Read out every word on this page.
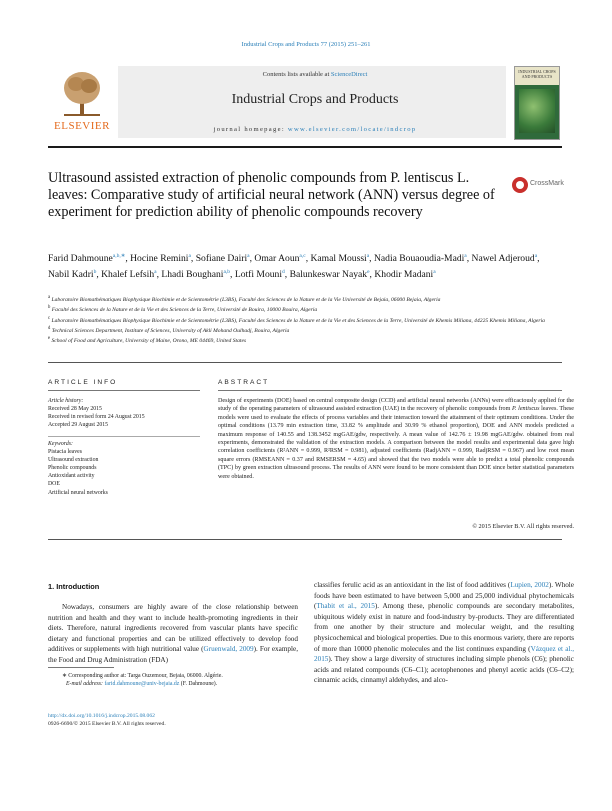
Industrial Crops and Products 77 (2015) 251–261
ELSEVIER
Contents lists available at ScienceDirect
Industrial Crops and Products
journal homepage: www.elsevier.com/locate/indcrop
INDUSTRIAL CROPS AND PRODUCTS
Ultrasound assisted extraction of phenolic compounds from P. lentiscus L. leaves: Comparative study of artificial neural network (ANN) versus degree of experiment for prediction ability of phenolic compounds recovery
CrossMark
Farid Dahmoune$^{a,b,∗}$, Hocine Remini$^a$, Sofiane Dairi$^a$, Omar Aoun$^{a,c}$, Kamal Moussi$^a$, Nadia Bouaoudia-Madi$^a$, Nawel Adjeroud$^a$, Nabil Kadri$^b$, Khalef Lefsih$^a$, Lhadi Boughani$^{a,b}$, Lotfi Mouni$^d$, Balunkeswar Nayak$^e$, Khodir Madani$^a$
$^a$ Laboratoire Biomathématiques Biophysique Biochimie et de Scientométrie (L3BS), Faculté des Sciences de la Nature et de la Vie Université de Bejaia, 06000 Bejaia, Algeria
$^b$ Faculté des Sciences de la Nature et de la Vie et des Sciences de la Terre, Université de Bouira, 10000 Bouira, Algeria
$^c$ Laboratoire Biomathématiques Biophysique Biochimie et de Scientométrie (L3BS), Faculté des Sciences de la Nature et de la Vie et des Sciences de la Terre, Université de Khemis Miliana, 44225 Khemis Miliana, Algeria
$^d$ Technical Sciences Department, Institute of Sciences, University of Akli Mohand Oulhadj, Bouira, Algeria
$^e$ School of Food and Agriculture, University of Maine, Orono, ME 04469, United States
ARTICLE INFO	ABSTRACT
Article history:
Received 28 May 2015
Received in revised form 24 August 2015
Accepted 29 August 2015
Keywords:
Pistacia leaves
Ultrasound extraction
Phenolic compounds
Antioxidant activity
DOE
Artificial neural networks
Design of experiments (DOE) based on central composite design (CCD) and artificial neural networks (ANNs) were efficaciously applied for the study of the operating parameters of ultrasound assisted extraction (UAE) in the recovery of phenolic compounds from P. lentiscus leaves. These models were used to evaluate the effects of process variables and their interaction toward the attainment of their optimum conditions. Under the optimal conditions (13.79 min extraction time, 33.82 % amplitude and 30.99 % ethanol proportion), DOE and ANN models predicted a maximum response of 140.55 and 138.3452 mgGAE/gdw, respectively. A mean value of 142.76 ± 19.98 mgGAE/gdw. obtained from real experiments, demonstrated the validation of the extraction models. A comparison between the model results and experimental data gave high correlation coefficients (R²ANN = 0.999, R²RSM = 0.981), adjusted coefficients (RadjANN = 0.999, RadjRSM = 0.967) and low root mean square errors (RMSEANN = 0.37 and RMSERSM = 4.65) and showed that the two models were able to predict a total phenolic compounds (TPC) by green extraction ultrasound process. The results of ANN were found to be more consistent than DOE since better statistical parameters were obtained.
© 2015 Elsevier B.V. All rights reserved.
1. Introduction
Nowadays, consumers are highly aware of the close relationship between nutrition and health and they want to include health-promoting ingredients in their diets. Therefore, natural ingredients recovered from vascular plants have specific dietary and functional properties and can be utilized effectively to develop food additives or supplements with high nutritional value (Gruenwald, 2009). For example, the Food and Drug Administration (FDA)
classifies ferulic acid as an antioxidant in the list of food additives (Lupien, 2002). Whole foods have been estimated to have between 5,000 and 25,000 individual phytochemicals (Thabit et al., 2015). Among these, phenolic compounds are secondary metabolites, ubiquitous widely exist in nature and food-industry by-products. They are differentiated from one another by their structure and molecular weight, and the resulting physicochemical and biological properties. Due to this enormous variety, there are reports of more than 10000 phenolic molecules and the list continues expanding (Vázquez et al., 2015). They show a large diversity of structures including simple phenols (C6); phenolic acids and related compounds (C6–C1); acetophenones and phenyl acetic acids (C6–C2); cinnamic acids, cinnamyl aldehydes, and alco-
∗ Corresponding author at: Targa Ouzemour, Bejaia, 06000. Algérie.
E-mail address: farid.dahmoune@univ-bejaia.dz (F. Dahmoune).
http://dx.doi.org/10.1016/j.indcrop.2015.08.062
0926-6690/© 2015 Elsevier B.V. All rights reserved.
